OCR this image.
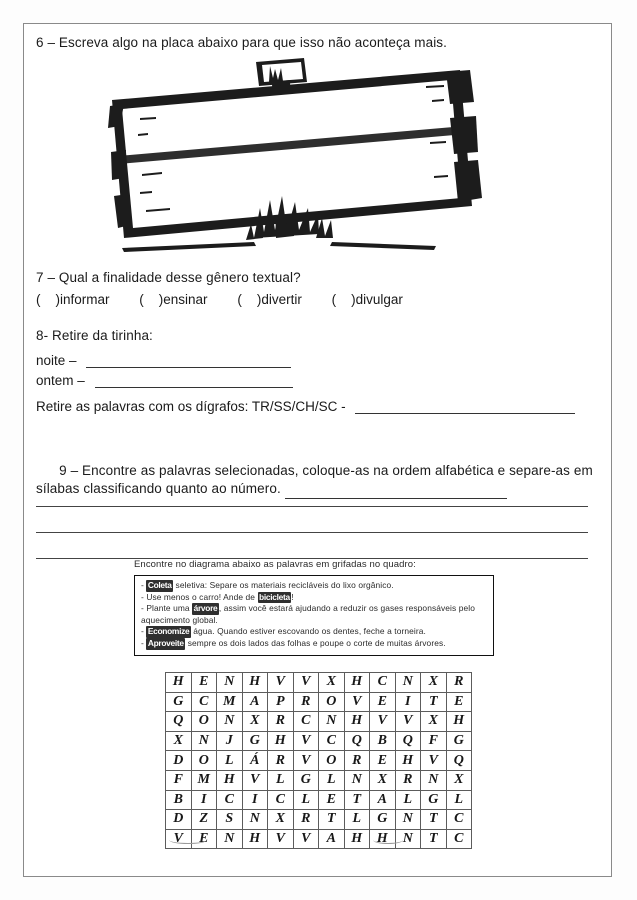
6 – Escreva algo na placa abaixo para que isso não aconteça mais.
7 – Qual a finalidade desse gênero textual?
(    )informar (    )ensinar (    )divertir (    )divulgar
8- Retire da tirinha:
noite –
ontem –
Retire as palavras com os dígrafos: TR/SS/CH/SC -

9 – Encontre as palavras selecionadas, coloque-as na ordem alfabética e separe-as em sílabas classificando quanto ao número.

Encontre no diagrama abaixo as palavras em grifadas no quadro:
- Coleta seletiva: Separe os materiais recicláveis do lixo orgânico.
- Use menos o carro! Ande de bicicleta !
- Plante uma árvore , assim você estará ajudando a reduzir os gases responsáveis pelo aquecimento global.
- Economize água. Quando estiver escovando os dentes, feche a torneira.
- Aproveite sempre os dois lados das folhas e poupe o corte de muitas árvores.
H	E	N	H	V	V	X	H	C	N	X	R
G	C	M	A	P	R	O	V	E	I	T	E
Q	O	N	X	R	C	N	H	V	V	X	H
X	N	J	G	H	V	C	Q	B	Q	F	G
D	O	L	Á	R	V	O	R	E	H	V	Q
F	M	H	V	L	G	L	N	X	R	N	X
B	I	C	I	C	L	E	T	A	L	G	L
D	Z	S	N	X	R	T	L	G	N	T	C
V	E	N	H	V	V	A	H	H	N	T	C
